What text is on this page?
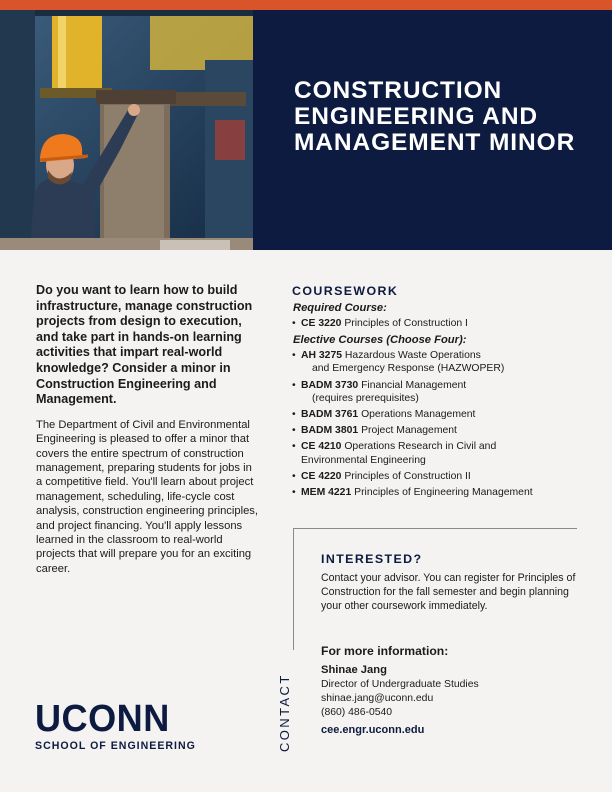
CONSTRUCTION ENGINEERING AND MANAGEMENT MINOR

Do you want to learn how to build infrastructure, manage construction projects from design to execution, and take part in hands-on learning activities that impart real-world knowledge? Consider a minor in Construction Engineering and Management.

The Department of Civil and Environmental Engineering is pleased to offer a minor that covers the entire spectrum of construction management, preparing students for jobs in a competitive field. You'll learn about project management, scheduling, life-cycle cost analysis, construction engineering principles, and project financing. You'll apply lessons learned in the classroom to real-world projects that will prepare you for an exciting career.

COURSEWORK

Required Course:

• CE 3220 Principles of Construction I

Elective Courses (Choose Four):

• AH 3275 Hazardous Waste Operations
and Emergency Response (HAZWOPER)
• BADM 3730 Financial Management
(requires prerequisites)
• BADM 3761 Operations Management
• BADM 3801 Project Management
• CE 4210 Operations Research in Civil and
Environmental Engineering
• CE 4220 Principles of Construction II
• MEM 4221 Principles of Engineering Management
CONTACT
INTERESTED?

Contact your advisor. You can register for Principles of Construction for the fall semester and begin planning your other coursework immediately.

For more information:

Shinae Jang

Director of Undergraduate Studies

shinae.jang@uconn.edu

(860) 486-0540

cee.engr.uconn.edu

UCONN
SCHOOL OF ENGINEERING
